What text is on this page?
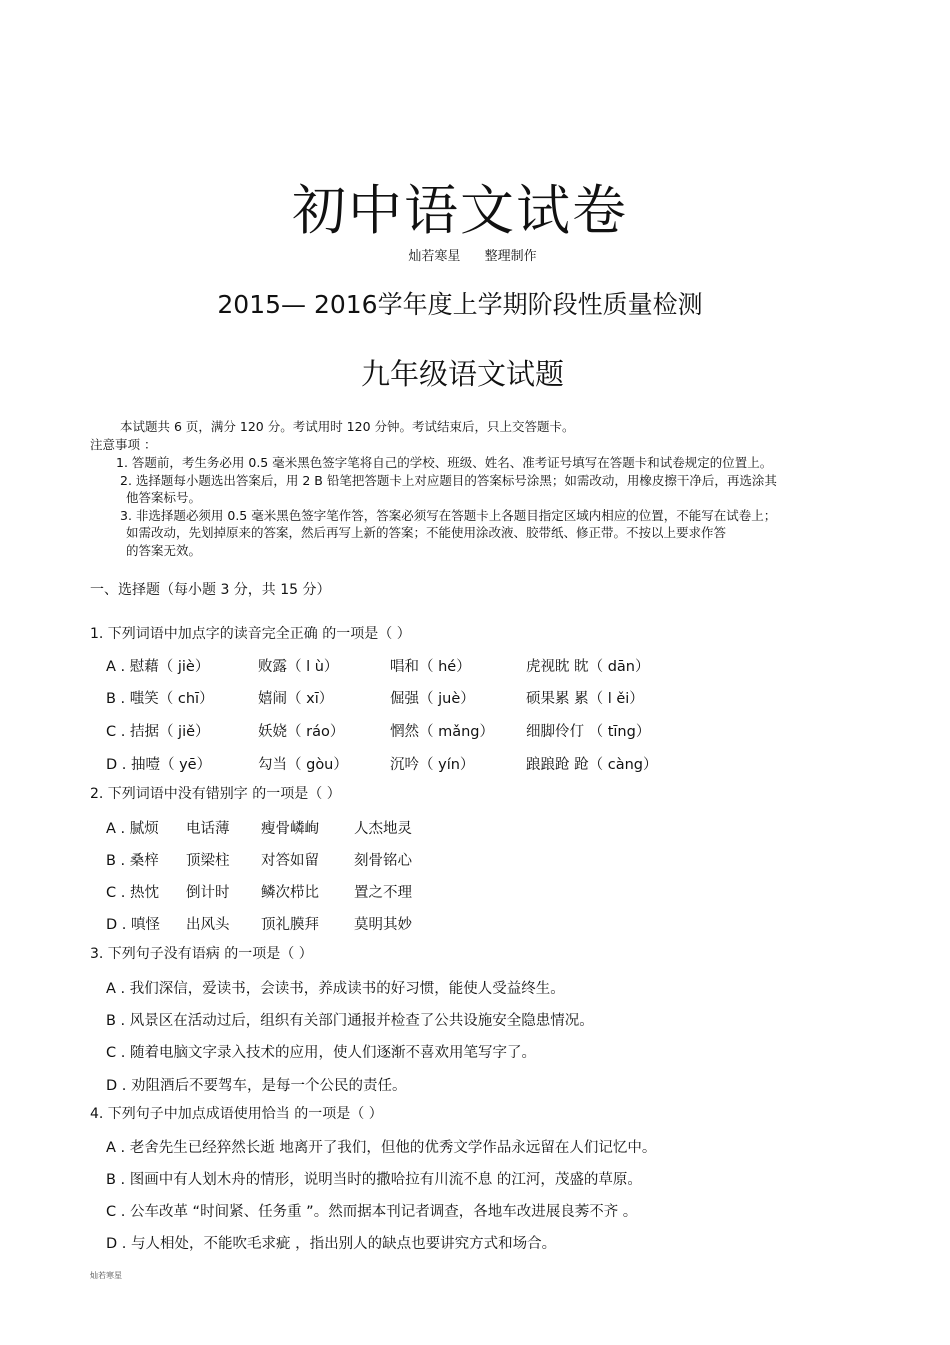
初中语文试卷
灿若寒星 整理制作
2015— 2016学年度上学期阶段性质量检测
九年级语文试题
本试题共 6 页，满分 120 分。考试用时 120 分钟。考试结束后，只上交答题卡。
注意事项 ：
1. 答题前，考生务必用 0.5 毫米黑色签字笔将自己的学校、班级、姓名、准考证号填写在答题卡和试卷规定的位置上。
2. 选择题每小题选出答案后，用 2 B 铅笔把答题卡上对应题目的答案标号涂黑；如需改动，用橡皮擦干净后，再选涂其
他答案标号。
3. 非选择题必须用 0.5 毫米黑色签字笔作答，答案必须写在答题卡上各题目指定区域内相应的位置，不能写在试卷上；
如需改动，先划掉原来的答案，然后再写上新的答案；不能使用涂改液、胶带纸、修正带。不按以上要求作答
的答案无效。
一、选择题（每小题 3 分，共 15 分）
1. 下列词语中加点字的读音完全正确 的一项是（ ）
A . 慰藉（ jiè）	败露（ l ù）	唱和（ hé）	虎视眈 眈（ dān）
B . 嗤笑（ chī）	嬉闹（ xī）	倔强（ juè）	硕果累 累（ l ěi）
C . 拮据（ jiě）	妖娆（ ráo）	惘然（ mǎng） 细脚伶仃 （ tīng）
D . 抽噎（ yē）	勾当（ gòu）	沉吟（ yín）	踉踉跄 跄（ càng）
2. 下列词语中没有错别字 的一项是（ ）
A . 腻烦 电话薄 瘦骨嶙峋 人杰地灵
B . 桑梓 顶梁柱 对答如留 刻骨铭心
C . 热忱 倒计时 鳞次栉比 置之不理
D . 嗔怪 出风头 顶礼膜拜 莫明其妙
3. 下列句子没有语病 的一项是（ ）
A . 我们深信，爱读书，会读书，养成读书的好习惯，能使人受益终生。
B . 风景区在活动过后，组织有关部门通报并检查了公共设施安全隐患情况。
C . 随着电脑文字录入技术的应用，使人们逐渐不喜欢用笔写字了。
D . 劝阻酒后不要驾车，是每一个公民的责任。
4. 下列句子中加点成语使用恰当 的一项是（ ）
A . 老舍先生已经猝然长逝 地离开了我们，但他的优秀文学作品永远留在人们记忆中。
B . 图画中有人划木舟的情形，说明当时的撒哈拉有川流不息 的江河，茂盛的草原。
C . 公车改革 “时间紧、任务重 ”。然而据本刊记者调查，各地车改进展良莠不齐 。
D . 与人相处，不能吹毛求疵 ，指出别人的缺点也要讲究方式和场合。
灿若寒星
